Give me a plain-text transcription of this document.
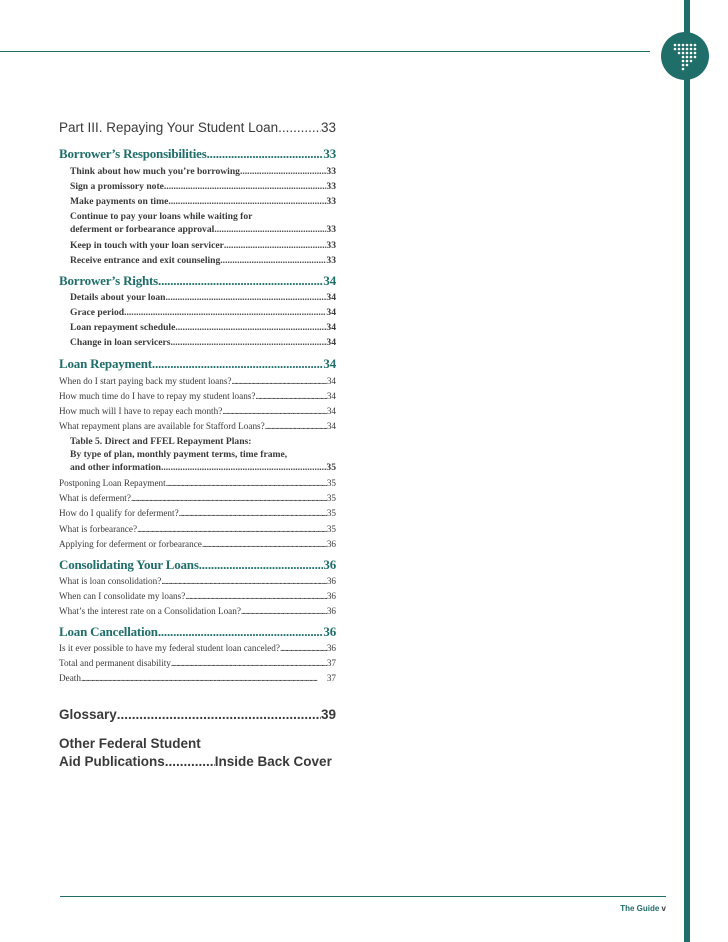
Part III. Repaying Your Student Loan .....	33
Borrower’s Responsibilities .....	33
Think about how much you’re borrowing .....	33
Sign a promissory note .....	33
Make payments on time .....	33
Continue to pay your loans while waiting for
deferment or forbearance approval .....	33
Keep in touch with your loan servicer .....	33
Receive entrance and exit counseling .....	33
Borrower’s Rights .....	34
Details about your loan .....	34
Grace period .....	34
Loan repayment schedule .....	34
Change in loan servicers .....	34
Loan Repayment .....	34
When do I start paying back my student loans? .....	34
How much time do I have to repay my student loans? .....	34
How much will I have to repay each month? .....	34
What repayment plans are available for Stafford Loans? .....	34
Table 5. Direct and FFEL Repayment Plans:
By type of plan, monthly payment terms, time frame,
and other information .....	35
Postponing Loan Repayment .....	35
What is deferment? .....	35
How do I qualify for deferment? .....	35
What is forbearance? .....	35
Applying for deferment or forbearance .....	36
Consolidating Your Loans .....	36
What is loan consolidation? .....	36
When can I consolidate my loans? .....	36
What’s the interest rate on a Consolidation Loan? .....	36
Loan Cancellation .....	36
Is it ever possible to have my federal student loan canceled? .....	36
Total and permanent disability .....	37
Death .....	37
Glossary .....	39
Other Federal Student
Aid Publications .....	Inside Back Cover
The Guide v
